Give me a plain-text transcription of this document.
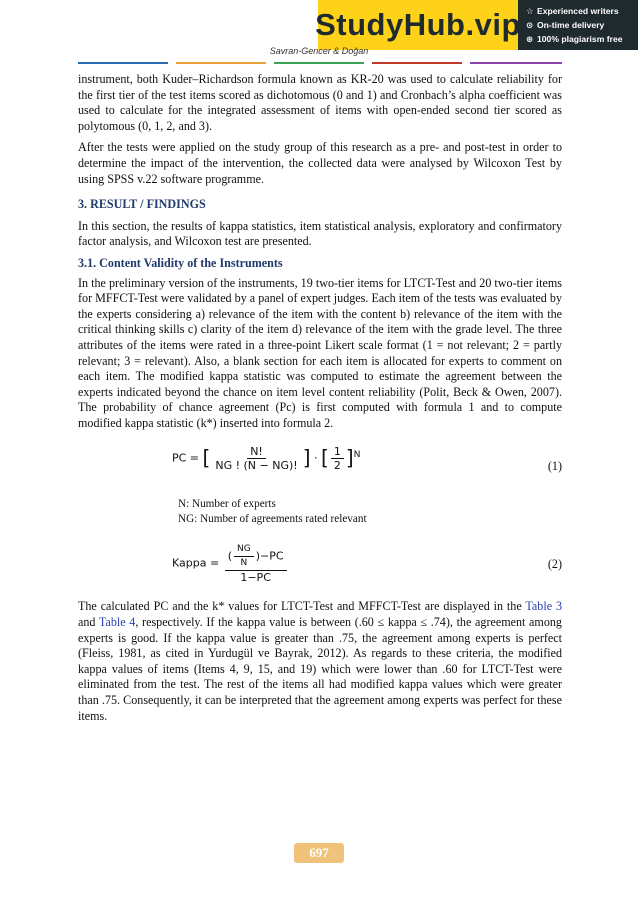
StudyHub.vip ☆ Experienced writers
⊙ On-time delivery
⊛ 100% plagiarism free
Savran-Gencer & Doğan

instrument, both Kuder–Richardson formula known as KR-20 was used to calculate reliability for the first tier of the test items scored as dichotomous (0 and 1) and Cronbach’s alpha coefficient was used to calculate for the integrated assessment of items with open-ended second tier scored as polytomous (0, 1, 2, and 3).

After the tests were applied on the study group of this research as a pre- and post-test in order to determine the impact of the intervention, the collected data were analysed by Wilcoxon Test by using SPSS v.22 software programme.

3. RESULT / FINDINGS

In this section, the results of kappa statistics, item statistical analysis, exploratory and confirmatory factor analysis, and Wilcoxon test are presented.

3.1. Content Validity of the Instruments

In the preliminary version of the instruments, 19 two-tier items for LTCT-Test and 20 two-tier items for MFFCT-Test were validated by a panel of expert judges. Each item of the tests was evaluated by the experts considering a) relevance of the item with the content b) relevance of the item with the critical thinking skills c) clarity of the item d) relevance of the item with the grade level. The three attributes of the items were rated in a three-point Likert scale format (1 = not relevant; 2 = partly relevant; 3 = relevant). Also, a blank section for each item is allocated for experts to comment on each item. The modified kappa statistic was computed to estimate the agreement between the experts indicated beyond the chance on item level content reliability (Polit, Beck & Owen, 2007). The probability of chance agreement (Pc) is first computed with formula 1 and to compute modified kappa statistic (k*) inserted into formula 2.

PC = [ $\frac{N!}{NG ! (N - NG)!}$ ] · [ $\frac{1}{2} ]^N$
(1)
N: Number of experts
NG: Number of agreements rated relevant
Kappa = $\frac{( \frac{NG}{N} )-PC}{1-PC}$	(2)

The calculated PC and the k* values for LTCT-Test and MFFCT-Test are displayed in the Table 3 and Table 4, respectively. If the kappa value is between (.60 ≤ kappa ≤ .74), the agreement among experts is good. If the kappa value is greater than .75, the agreement among experts is perfect (Fleiss, 1981, as cited in Yurdugül ve Bayrak, 2012). As regards to these criteria, the modified kappa values of items (Items 4, 9, 15, and 19) which were lower than .60 for LTCT-Test were eliminated from the test. The rest of the items all had modified kappa values which were greater than .75. Consequently, it can be interpreted that the agreement among experts was perfect for these items.

697
